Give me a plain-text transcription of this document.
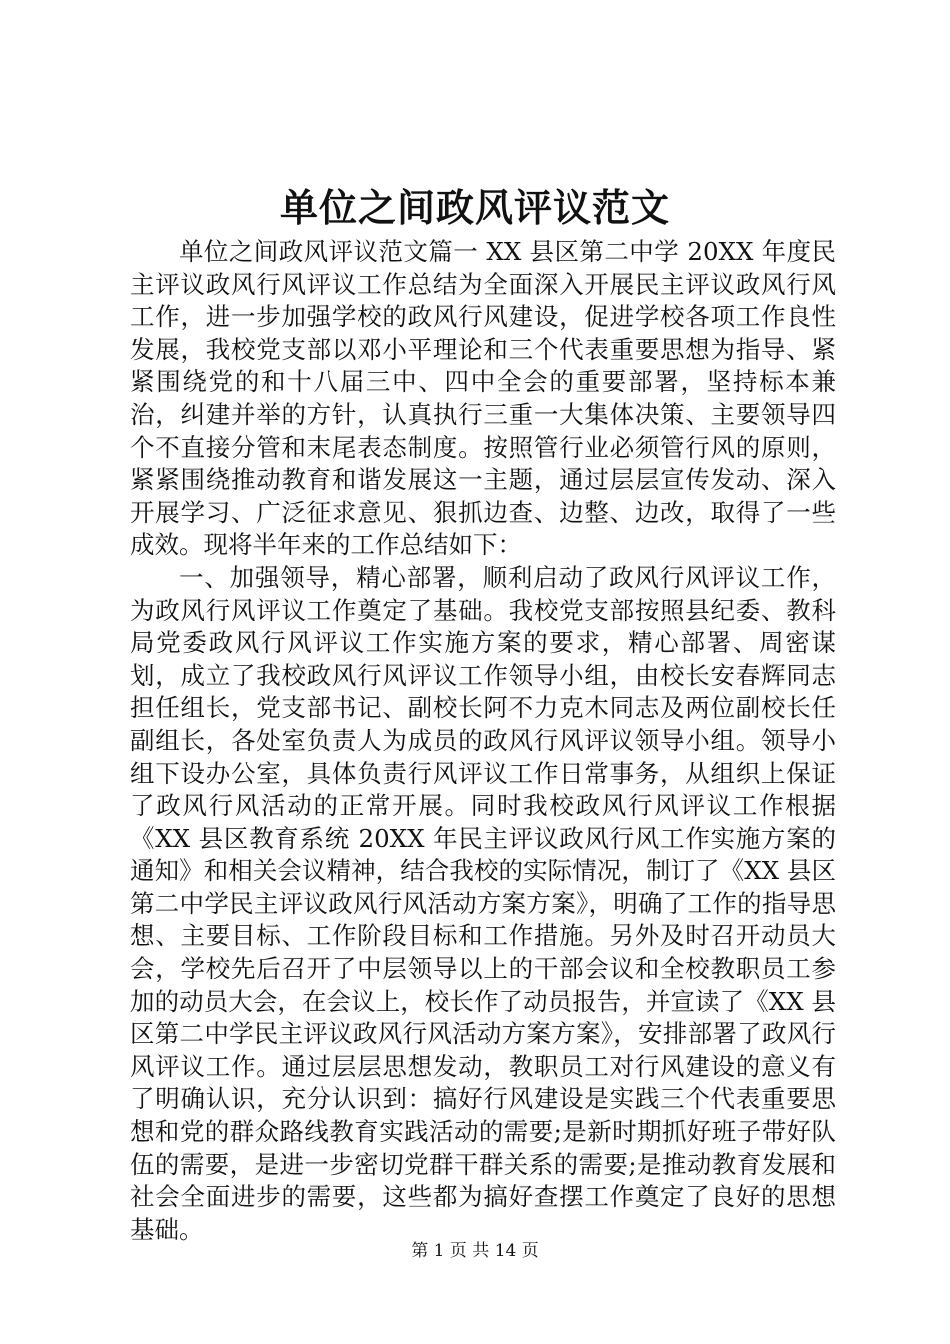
单位之间政风评议范文

单位之间政风评议范文篇一 XX 县区第二中学 20XX 年度民主评议政风行风评议工作总结为全面深入开展民主评议政风行风工作，进一步加强学校的政风行风建设，促进学校各项工作良性发展，我校党支部以邓小平理论和三个代表重要思想为指导、紧紧围绕党的和十八届三中、四中全会的重要部署，坚持标本兼治，纠建并举的方针，认真执行三重一大集体决策、主要领导四个不直接分管和末尾表态制度。按照管行业必须管行风的原则，紧紧围绕推动教育和谐发展这一主题，通过层层宣传发动、深入开展学习、广泛征求意见、狠抓边查、边整、边改，取得了一些成效。现将半年来的工作总结如下：

一、加强领导，精心部署，顺利启动了政风行风评议工作，为政风行风评议工作奠定了基础。我校党支部按照县纪委、教科局党委政风行风评议工作实施方案的要求，精心部署、周密谋划，成立了我校政风行风评议工作领导小组，由校长安春辉同志担任组长，党支部书记、副校长阿不力克木同志及两位副校长任副组长，各处室负责人为成员的政风行风评议领导小组。领导小组下设办公室，具体负责行风评议工作日常事务，从组织上保证了政风行风活动的正常开展。同时我校政风行风评议工作根据《XX 县区教育系统 20XX 年民主评议政风行风工作实施方案的通知》和相关会议精神，结合我校的实际情况，制订了《XX 县区第二中学民主评议政风行风活动方案方案》，明确了工作的指导思想、主要目标、工作阶段目标和工作措施。另外及时召开动员大会，学校先后召开了中层领导以上的干部会议和全校教职员工参加的动员大会，在会议上，校长作了动员报告，并宣读了《XX 县区第二中学民主评议政风行风活动方案方案》，安排部署了政风行风评议工作。通过层层思想发动，教职员工对行风建设的意义有了明确认识，充分认识到：搞好行风建设是实践三个代表重要思想和党的群众路线教育实践活动的需要;是新时期抓好班子带好队伍的需要，是进一步密切党群干群关系的需要;是推动教育发展和社会全面进步的需要，这些都为搞好查摆工作奠定了良好的思想基础。

第 1 页 共 14 页
